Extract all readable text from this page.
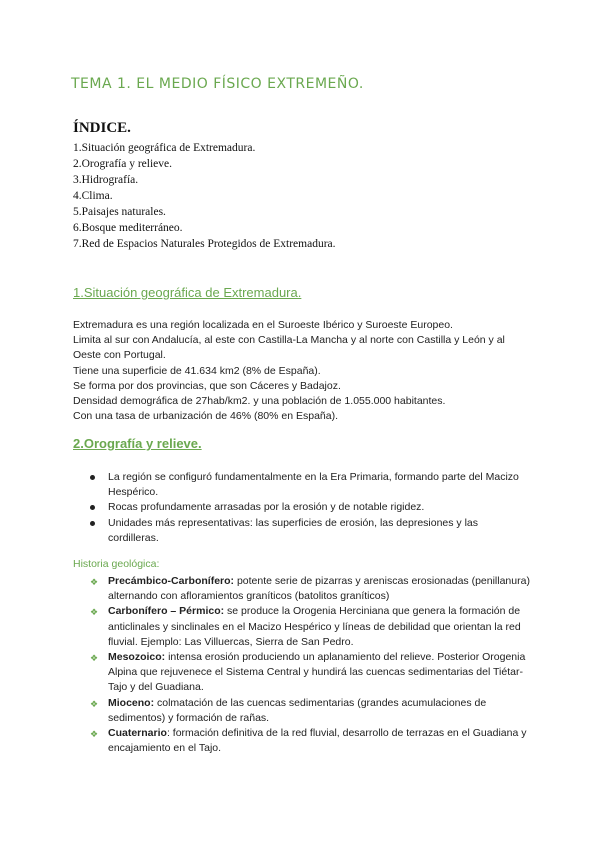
TEMA 1. EL MEDIO FÍSICO EXTREMEÑO.
ÍNDICE.
1.Situación geográfica de Extremadura.
2.Orografía y relieve.
3.Hidrografía.
4.Clima.
5.Paisajes naturales.
6.Bosque mediterráneo.
7.Red de Espacios Naturales Protegidos de Extremadura.
1.Situación geográfica de Extremadura.
Extremadura es una región localizada en el Suroeste Ibérico y Suroeste Europeo.
Limita al sur con Andalucía, al este con Castilla-La Mancha y al norte con Castilla y León y al Oeste con Portugal.
Tiene una superficie de 41.634 km2 (8% de España).
Se forma por dos provincias, que son Cáceres y Badajoz.
Densidad demográfica de 27hab/km2. y una población de 1.055.000 habitantes.
Con una tasa de urbanización de 46% (80% en España).
2.Orografía y relieve.
La región se configuró fundamentalmente en la Era Primaria, formando parte del Macizo Hespérico.
Rocas profundamente arrasadas por la erosión y de notable rigidez.
Unidades más representativas: las superficies de erosión, las depresiones y las cordilleras.
Historia geológica:
❖ Precámbico-Carbonífero: potente serie de pizarras y areniscas erosionadas (penillanura) alternando con afloramientos graníticos (batolitos graníticos)
❖ Carbonífero – Pérmico: se produce la Orogenia Herciniana que genera la formación de anticlinales y sinclinales en el Macizo Hespérico y líneas de debilidad que orientan la red fluvial. Ejemplo: Las Villuercas, Sierra de San Pedro.
❖ Mesozoico: intensa erosión produciendo un aplanamiento del relieve. Posterior Orogenia Alpina que rejuvenece el Sistema Central y hundirá las cuencas sedimentarias del Tiétar-Tajo y del Guadiana.
❖ Mioceno: colmatación de las cuencas sedimentarias (grandes acumulaciones de sedimentos) y formación de rañas.
❖ Cuaternario: formación definitiva de la red fluvial, desarrollo de terrazas en el Guadiana y encajamiento en el Tajo.
